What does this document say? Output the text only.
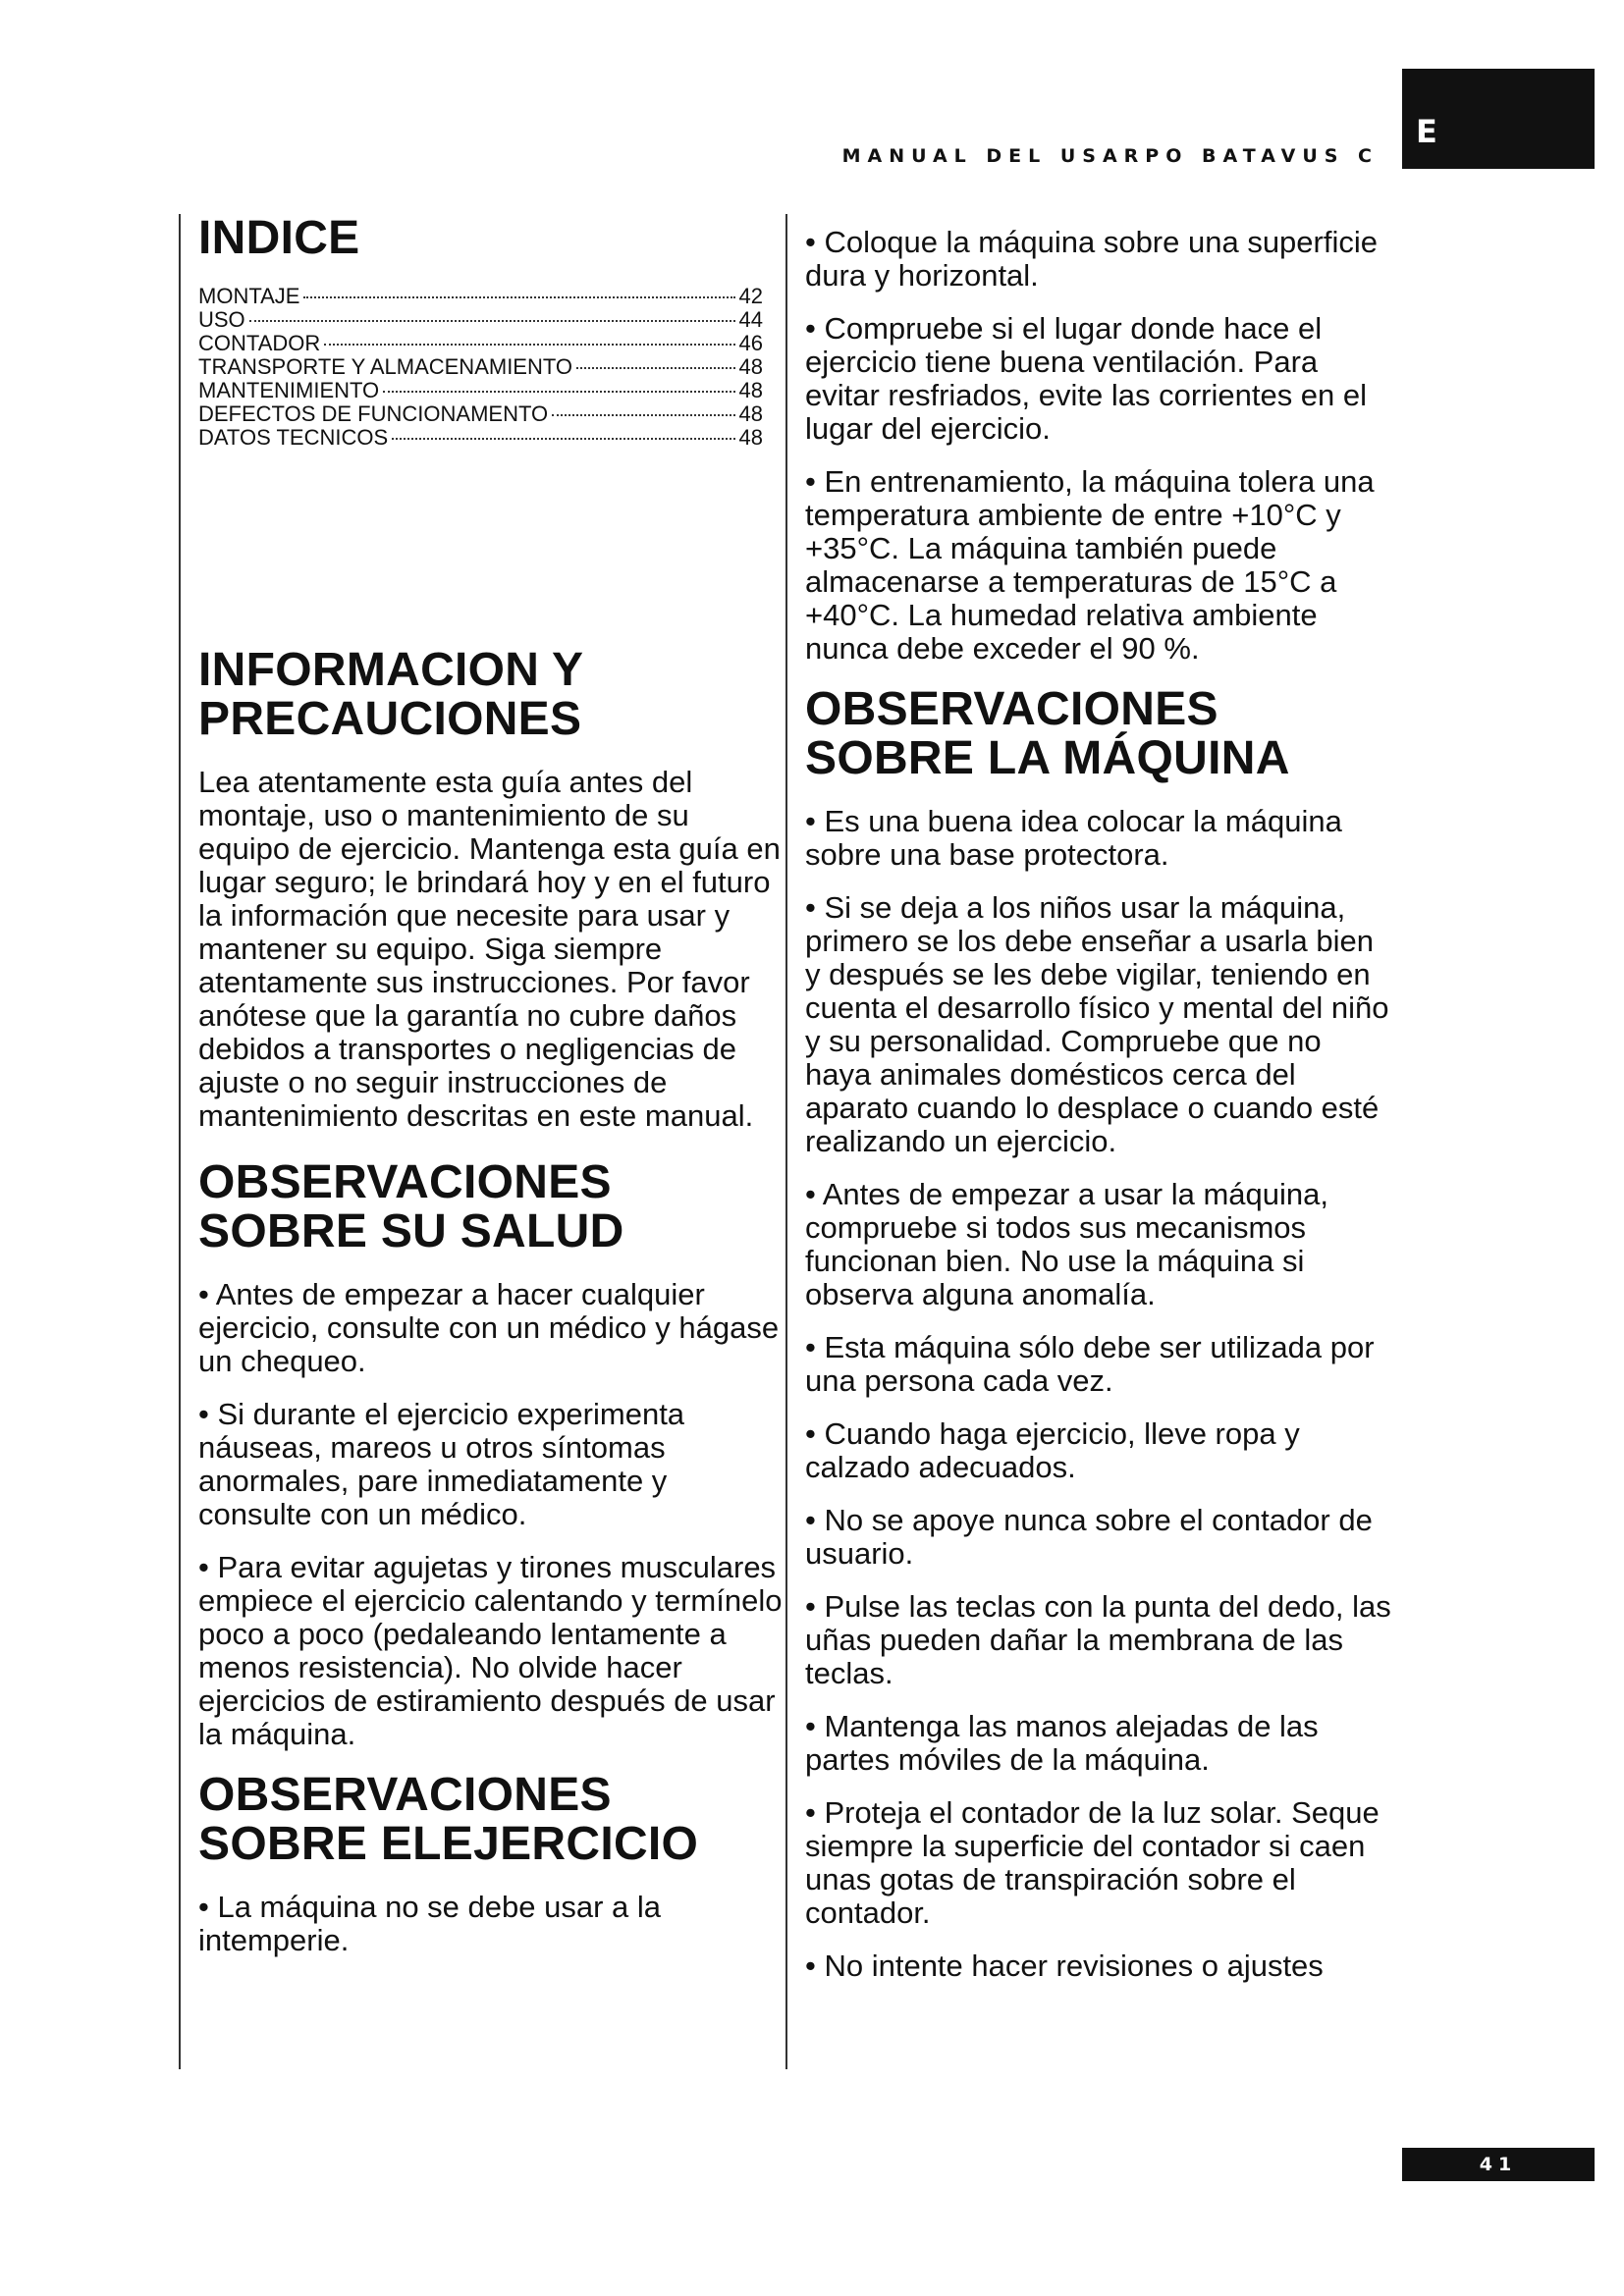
MANUAL DEL USARPO BATAVUS C
E
INDICE
MONTAJE	42
USO	44
CONTADOR	46
TRANSPORTE Y ALMACENAMIENTO	48
MANTENIMIENTO	48
DEFECTOS DE FUNCIONAMENTO	48
DATOS TECNICOS	48
INFORMACION Y
PRECAUCIONES

Lea atentamente esta guía antes del montaje, uso o mantenimiento de su equipo de ejercicio. Mantenga esta guía en lugar seguro; le brindará hoy y en el futuro la información que necesite para usar y mantener su equipo. Siga siempre atentamente sus instrucciones. Por favor anótese que la garantía no cubre daños debidos a transportes o negligencias de ajuste o no seguir instrucciones de mantenimiento descritas en este manual.

OBSERVACIONES
SOBRE SU SALUD

• Antes de empezar a hacer cualquier ejercicio, consulte con un médico y hágase un chequeo.

• Si durante el ejercicio experimenta náuseas, mareos u otros síntomas anormales, pare inmediatamente y consulte con un médico.

• Para evitar agujetas y tirones musculares empiece el ejercicio calentando y termínelo poco a poco (pedaleando lentamente a menos resistencia). No olvide hacer ejercicios de estiramiento después de usar la máquina.

OBSERVACIONES
SOBRE ELEJERCICIO

• La máquina no se debe usar a la intemperie.

• Coloque la máquina sobre una superficie dura y horizontal.

• Compruebe si el lugar donde hace el ejercicio tiene buena ventilación. Para evitar resfriados, evite las corrientes en el lugar del ejercicio.

• En entrenamiento, la máquina tolera una temperatura ambiente de entre +10°C y +35°C. La máquina también puede almacenarse a temperaturas de 15°C a +40°C. La humedad relativa ambiente nunca debe exceder el 90 %.

OBSERVACIONES
SOBRE LA MÁQUINA

• Es una buena idea colocar la máquina sobre una base protectora.

• Si se deja a los niños usar la máquina, primero se los debe enseñar a usarla bien y después se les debe vigilar, teniendo en cuenta el desarrollo físico y mental del niño y su personalidad. Compruebe que no haya animales domésticos cerca del aparato cuando lo desplace o cuando esté realizando un ejercicio.

• Antes de empezar a usar la máquina, compruebe si todos sus mecanismos funcionan bien. No use la máquina si observa alguna anomalía.

• Esta máquina sólo debe ser utilizada por una persona cada vez.

• Cuando haga ejercicio, lleve ropa y calzado adecuados.

• No se apoye nunca sobre el contador de usuario.

• Pulse las teclas con la punta del dedo, las uñas pueden dañar la membrana de las teclas.

• Mantenga las manos alejadas de las partes móviles de la máquina.

• Proteja el contador de la luz solar. Seque siempre la superficie del contador si caen unas gotas de transpiración sobre el contador.

• No intente hacer revisiones o ajustes

41
